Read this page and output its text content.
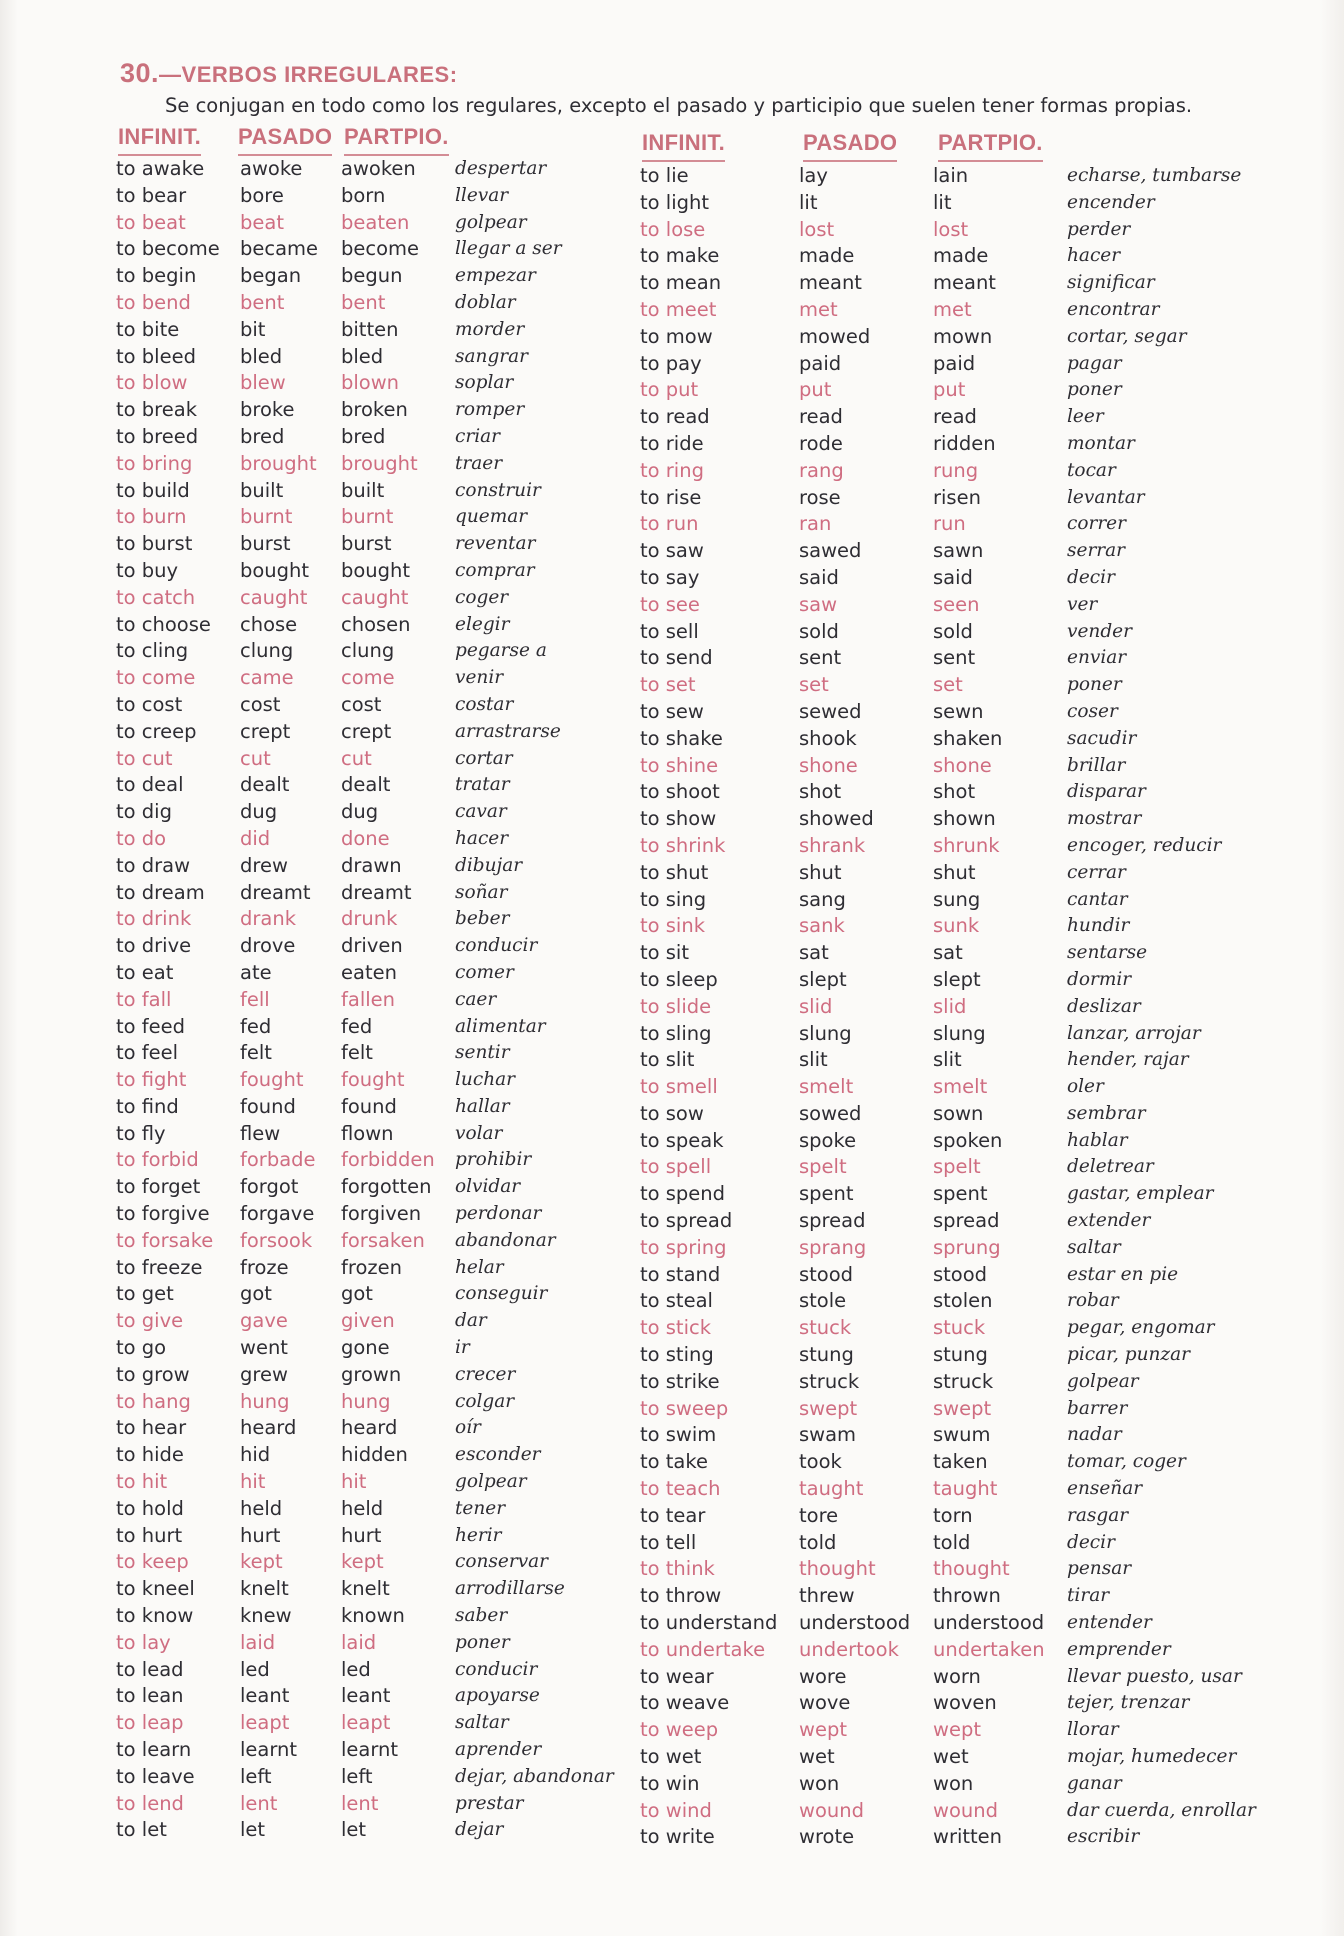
30.—VERBOS IRREGULARES:
Se conjugan en todo como los regulares, excepto el pasado y participio que suelen tener formas propias.
INFINIT. PASADO PARTPIO.	INFINIT.	PASADO PARTPIO.
to awake
to bear
to beat
to become
to begin
to bend
to bite
to bleed
to blow
to break
to breed
to bring
to build
to burn
to burst
to buy
to catch
to choose
to cling
to come
to cost
to creep
to cut
to deal
to dig
to do
to draw
to dream
to drink
to drive
to eat
to fall
to feed
to feel
to fight
to find
to fly
to forbid
to forget
to forgive
to forsake
to freeze
to get
to give
to go
to grow
to hang
to hear
to hide
to hit
to hold
to hurt
to keep
to kneel
to know
to lay
to lead
to lean
to leap
to learn
to leave
to lend
to let
awoke
bore
beat
became
began
bent
bit
bled
blew
broke
bred
brought
built
burnt
burst
bought
caught
chose
clung
came
cost
crept
cut
dealt
dug
did
drew
dreamt
drank
drove
ate
fell
fed
felt
fought
found
flew
forbade
forgot
forgave
forsook
froze
got
gave
went
grew
hung
heard
hid
hit
held
hurt
kept
knelt
knew
laid
led
leant
leapt
learnt
left
lent
let
awoken
born
beaten
become
begun
bent
bitten
bled
blown
broken
bred
brought
built
burnt
burst
bought
caught
chosen
clung
come
cost
crept
cut
dealt
dug
done
drawn
dreamt
drunk
driven
eaten
fallen
fed
felt
fought
found
flown
forbidden
forgotten
forgiven
forsaken
frozen
got
given
gone
grown
hung
heard
hidden
hit
held
hurt
kept
knelt
known
laid
led
leant
leapt
learnt
left
lent
let
despertar
llevar
golpear
llegar a ser
empezar
doblar
morder
sangrar
soplar
romper
criar
traer
construir
quemar
reventar
comprar
coger
elegir
pegarse a
venir
costar
arrastrarse
cortar
tratar
cavar
hacer
dibujar
soñar
beber
conducir
comer
caer
alimentar
sentir
luchar
hallar
volar
prohibir
olvidar
perdonar
abandonar
helar
conseguir
dar
ir
crecer
colgar
oír
esconder
golpear
tener
herir
conservar
arrodillarse
saber
poner
conducir
apoyarse
saltar
aprender
dejar, abandonar
prestar
dejar
to lie
to light
to lose
to make
to mean
to meet
to mow
to pay
to put
to read
to ride
to ring
to rise
to run
to saw
to say
to see
to sell
to send
to set
to sew
to shake
to shine
to shoot
to show
to shrink
to shut
to sing
to sink
to sit
to sleep
to slide
to sling
to slit
to smell
to sow
to speak
to spell
to spend
to spread
to spring
to stand
to steal
to stick
to sting
to strike
to sweep
to swim
to take
to teach
to tear
to tell
to think
to throw
to understand
to undertake
to wear
to weave
to weep
to wet
to win
to wind
to write
lay
lit
lost
made
meant
met
mowed
paid
put
read
rode
rang
rose
ran
sawed
said
saw
sold
sent
set
sewed
shook
shone
shot
showed
shrank
shut
sang
sank
sat
slept
slid
slung
slit
smelt
sowed
spoke
spelt
spent
spread
sprang
stood
stole
stuck
stung
struck
swept
swam
took
taught
tore
told
thought
threw
understood
undertook
wore
wove
wept
wet
won
wound
wrote
lain
lit
lost
made
meant
met
mown
paid
put
read
ridden
rung
risen
run
sawn
said
seen
sold
sent
set
sewn
shaken
shone
shot
shown
shrunk
shut
sung
sunk
sat
slept
slid
slung
slit
smelt
sown
spoken
spelt
spent
spread
sprung
stood
stolen
stuck
stung
struck
swept
swum
taken
taught
torn
told
thought
thrown
understood
undertaken
worn
woven
wept
wet
won
wound
written
echarse, tumbarse
encender
perder
hacer
significar
encontrar
cortar, segar
pagar
poner
leer
montar
tocar
levantar
correr
serrar
decir
ver
vender
enviar
poner
coser
sacudir
brillar
disparar
mostrar
encoger, reducir
cerrar
cantar
hundir
sentarse
dormir
deslizar
lanzar, arrojar
hender, rajar
oler
sembrar
hablar
deletrear
gastar, emplear
extender
saltar
estar en pie
robar
pegar, engomar
picar, punzar
golpear
barrer
nadar
tomar, coger
enseñar
rasgar
decir
pensar
tirar
entender
emprender
llevar puesto, usar
tejer, trenzar
llorar
mojar, humedecer
ganar
dar cuerda, enrollar
escribir
